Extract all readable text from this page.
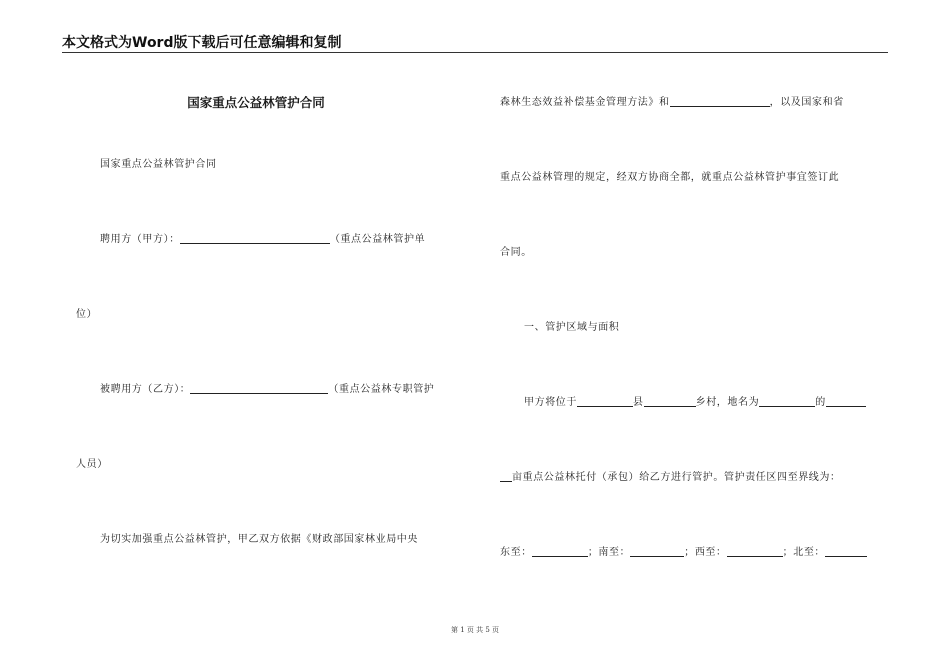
本文格式为Word版下载后可任意编辑和复制
国家重点公益林管护合同
国家重点公益林管护合同
聘用方（甲方）：	（重点公益林管护单
位）
被聘用方（乙方）：	（重点公益林专职管护
人员）
为切实加强重点公益林管护，甲乙双方依据《财政部国家林业局中央
森林生态效益补偿基金管理方法》和	，以及国家和省
重点公益林管理的规定，经双方协商全都，就重点公益林管护事宜签订此
合同。
一、管护区域与面积
甲方将位于	县	乡村，地名为	的
亩重点公益林托付（承包）给乙方进行管护。管护责任区四至界线为：
东至：	；南至：	；西至：	；北至：
第 1 页 共 5 页
